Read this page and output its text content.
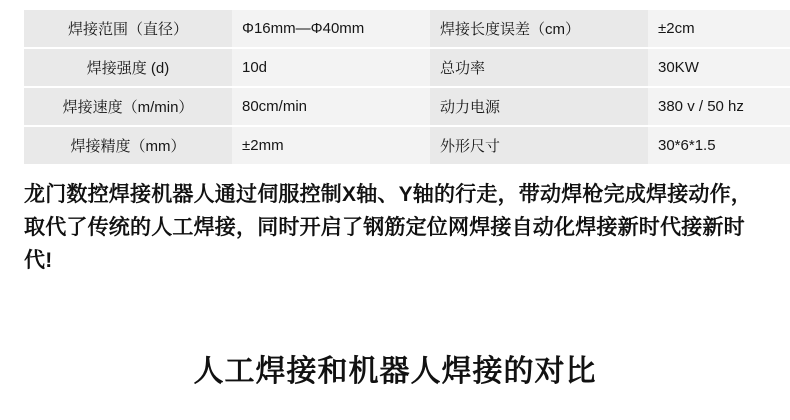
焊接范围（直径）	Φ16mm—Φ40mm	焊接长度误差（cm）	±2cm
焊接强度 (d)	10d	总功率	30KW
焊接速度（m/min）	80cm/min	动力电源	380 v / 50 hz
焊接精度（mm）	±2mm	外形尺寸	30*6*1.5

龙门数控焊接机器人通过伺服控制X轴、Y轴的行走，带动焊枪完成焊接动作，取代了传统的人工焊接，同时开启了钢筋定位网焊接自动化焊接新时代接新时代!

人工焊接和机器人焊接的对比
